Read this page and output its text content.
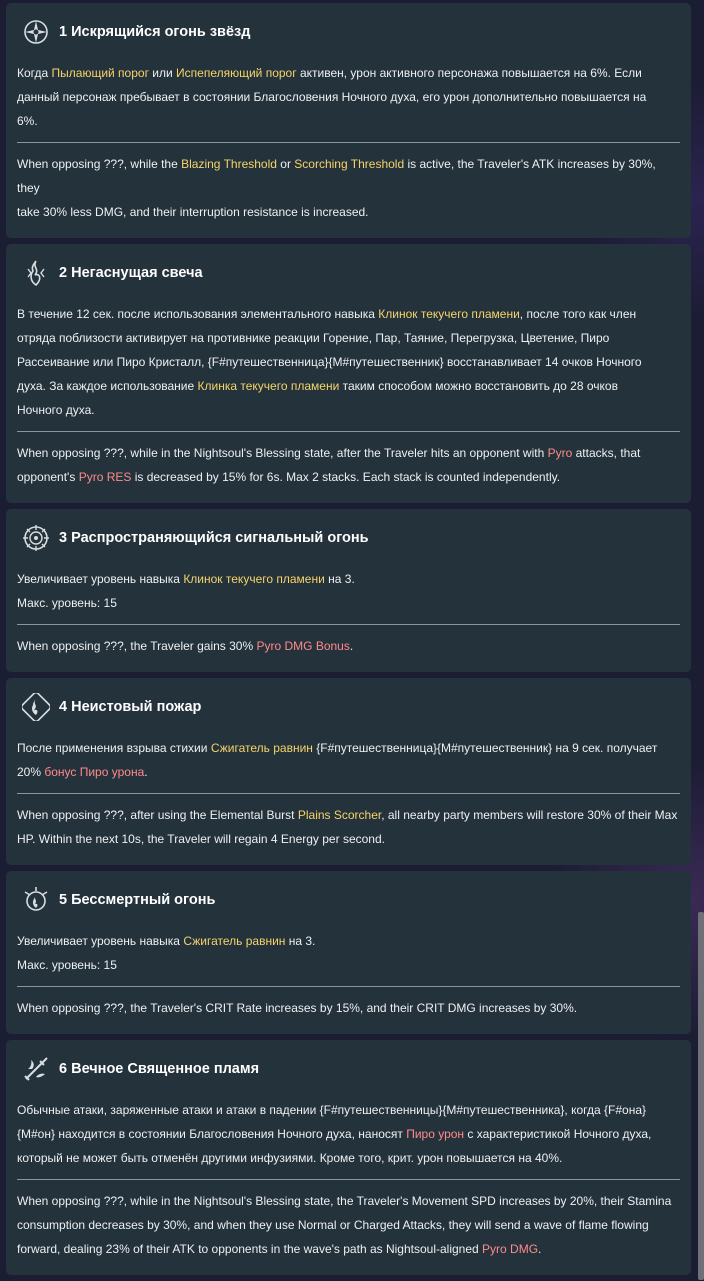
1 Искрящийся огонь звёзд
Когда Пылающий порог или Испепеляющий порог активен, урон активного персонажа повышается на 6%. Если
данный персонаж пребывает в состоянии Благословения Ночного духа, его урон дополнительно повышается на
6%.
When opposing ???, while the Blazing Threshold or Scorching Threshold is active, the Traveler's ATK increases by 30%, they
take 30% less DMG, and their interruption resistance is increased.
2 Негаснущая свеча
В течение 12 сек. после использования элементального навыка Клинок текучего пламени, после того как член
отряда поблизости активирует на противнике реакции Горение, Пар, Таяние, Перегрузка, Цветение, Пиро
Рассеивание или Пиро Кристалл, {F#путешественница}{M#путешественник} восстанавливает 14 очков Ночного
духа. За каждое использование Клинка текучего пламени таким способом можно восстановить до 28 очков
Ночного духа.
When opposing ???, while in the Nightsoul's Blessing state, after the Traveler hits an opponent with Pyro attacks, that
opponent's Pyro RES is decreased by 15% for 6s. Max 2 stacks. Each stack is counted independently.
3 Распространяющийся сигнальный огонь
Увеличивает уровень навыка Клинок текучего пламени на 3.
Макс. уровень: 15
When opposing ???, the Traveler gains 30% Pyro DMG Bonus.
4 Неистовый пожар
После применения взрыва стихии Сжигатель равнин {F#путешественница}{M#путешественник} на 9 сек. получает
20% бонус Пиро урона.
When opposing ???, after using the Elemental Burst Plains Scorcher, all nearby party members will restore 30% of their Max
HP. Within the next 10s, the Traveler will regain 4 Energy per second.
5 Бессмертный огонь
Увеличивает уровень навыка Сжигатель равнин на 3.
Макс. уровень: 15
When opposing ???, the Traveler's CRIT Rate increases by 15%, and their CRIT DMG increases by 30%.
6 Вечное Священное пламя
Обычные атаки, заряженные атаки и атаки в падении {F#путешественницы}{M#путешественника}, когда {F#она}
{M#он} находится в состоянии Благословения Ночного духа, наносят Пиро урон с характеристикой Ночного духа,
который не может быть отменён другими инфузиями. Кроме того, крит. урон повышается на 40%.
When opposing ???, while in the Nightsoul's Blessing state, the Traveler's Movement SPD increases by 20%, their Stamina
consumption decreases by 30%, and when they use Normal or Charged Attacks, they will send a wave of flame flowing
forward, dealing 23% of their ATK to opponents in the wave's path as Nightsoul-aligned Pyro DMG.
